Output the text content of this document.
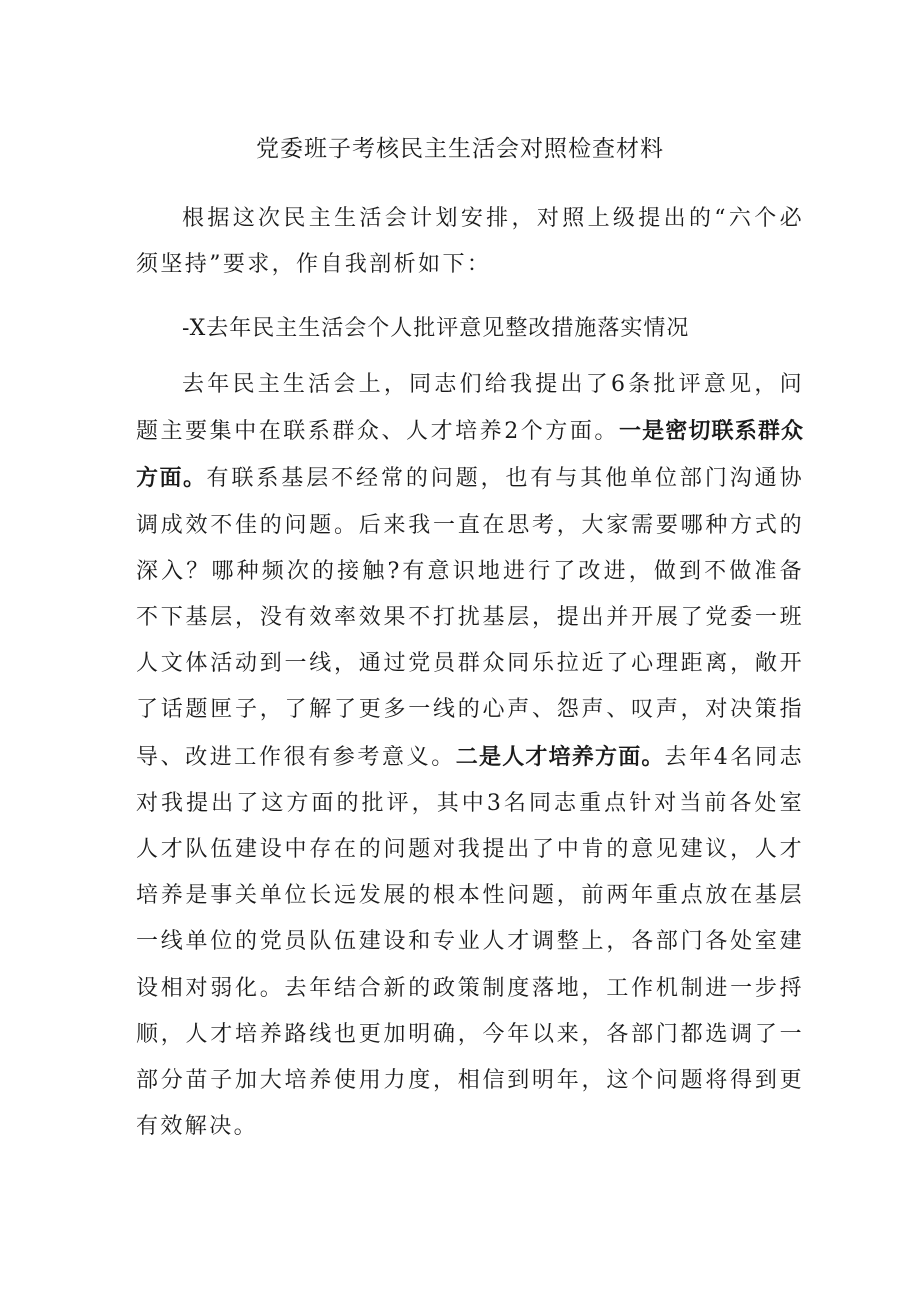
党委班子考核民主生活会对照检查材料

根据这次民主生活会计划安排，对照上级提出的“六个必须坚持”要求，作自我剖析如下：

-X去年民主生活会个人批评意见整改措施落实情况

去年民主生活会上，同志们给我提出了6条批评意见，问题主要集中在联系群众、人才培养2个方面。一是密切联系群众方面。有联系基层不经常的问题，也有与其他单位部门沟通协调成效不佳的问题。后来我一直在思考，大家需要哪种方式的深入？哪种频次的接触?有意识地进行了改进，做到不做准备不下基层，没有效率效果不打扰基层，提出并开展了党委一班人文体活动到一线，通过党员群众同乐拉近了心理距离，敞开了话题匣子，了解了更多一线的心声、怨声、叹声，对决策指导、改进工作很有参考意义。二是人才培养方面。去年4名同志对我提出了这方面的批评，其中3名同志重点针对当前各处室人才队伍建设中存在的问题对我提出了中肯的意见建议，人才培养是事关单位长远发展的根本性问题，前两年重点放在基层一线单位的党员队伍建设和专业人才调整上，各部门各处室建设相对弱化。去年结合新的政策制度落地，工作机制进一步捋顺，人才培养路线也更加明确，今年以来，各部门都选调了一部分苗子加大培养使用力度，相信到明年，这个问题将得到更有效解决。
